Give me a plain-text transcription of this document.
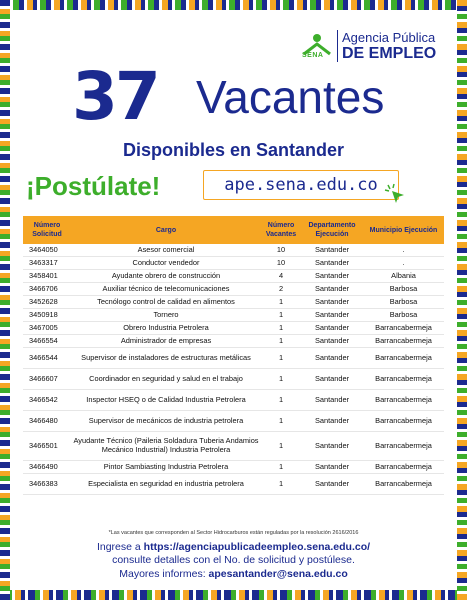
SENA
Agencia Pública
DE EMPLEO
37 Vacantes
Disponibles en Santander
¡Postúlate!	ape.sena.edu.co
Número Solicitud	Cargo	Número Vacantes	Departamento Ejecución	Municipio Ejecución
3464050	Asesor comercial	10	Santander	.
3463317	Conductor vendedor	10	Santander	.
3458401	Ayudante obrero de construcción	4	Santander	Albania
3466706	Auxiliar técnico de telecomunicaciones	2	Santander	Barbosa
3452628	Tecnólogo control de calidad en alimentos	1	Santander	Barbosa
3450918	Tornero	1	Santander	Barbosa
3467005	Obrero Industria Petrolera	1	Santander	Barrancabermeja
3466554	Administrador de empresas	1	Santander	Barrancabermeja
3466544	Supervisor de instaladores de estructuras metálicas	1	Santander	Barrancabermeja
3466607	Coordinador en seguridad y salud en el trabajo	1	Santander	Barrancabermeja
3466542	Inspector HSEQ o de Calidad Industria Petrolera	1	Santander	Barrancabermeja
3466480	Supervisor de mecánicos de industria petrolera	1	Santander	Barrancabermeja
3466501	Ayudante Técnico (Paileria Soldadura Tuberia Andamios Mecánico Industrial) Industria Petrolera	1	Santander	Barrancabermeja
3466490	Pintor Sambiasting Industria Petrolera	1	Santander	Barrancabermeja
3466383	Especialista en seguridad en industria petrolera	1	Santander	Barrancabermeja
*Las vacantes que corresponden al Sector Hidrocarburos están reguladas por la resolución 2616/2016
Ingrese a https://agenciapublicadeempleo.sena.edu.co/
consulte detalles con el No. de solicitud y postúlese.
Mayores informes: apesantander@sena.edu.co
